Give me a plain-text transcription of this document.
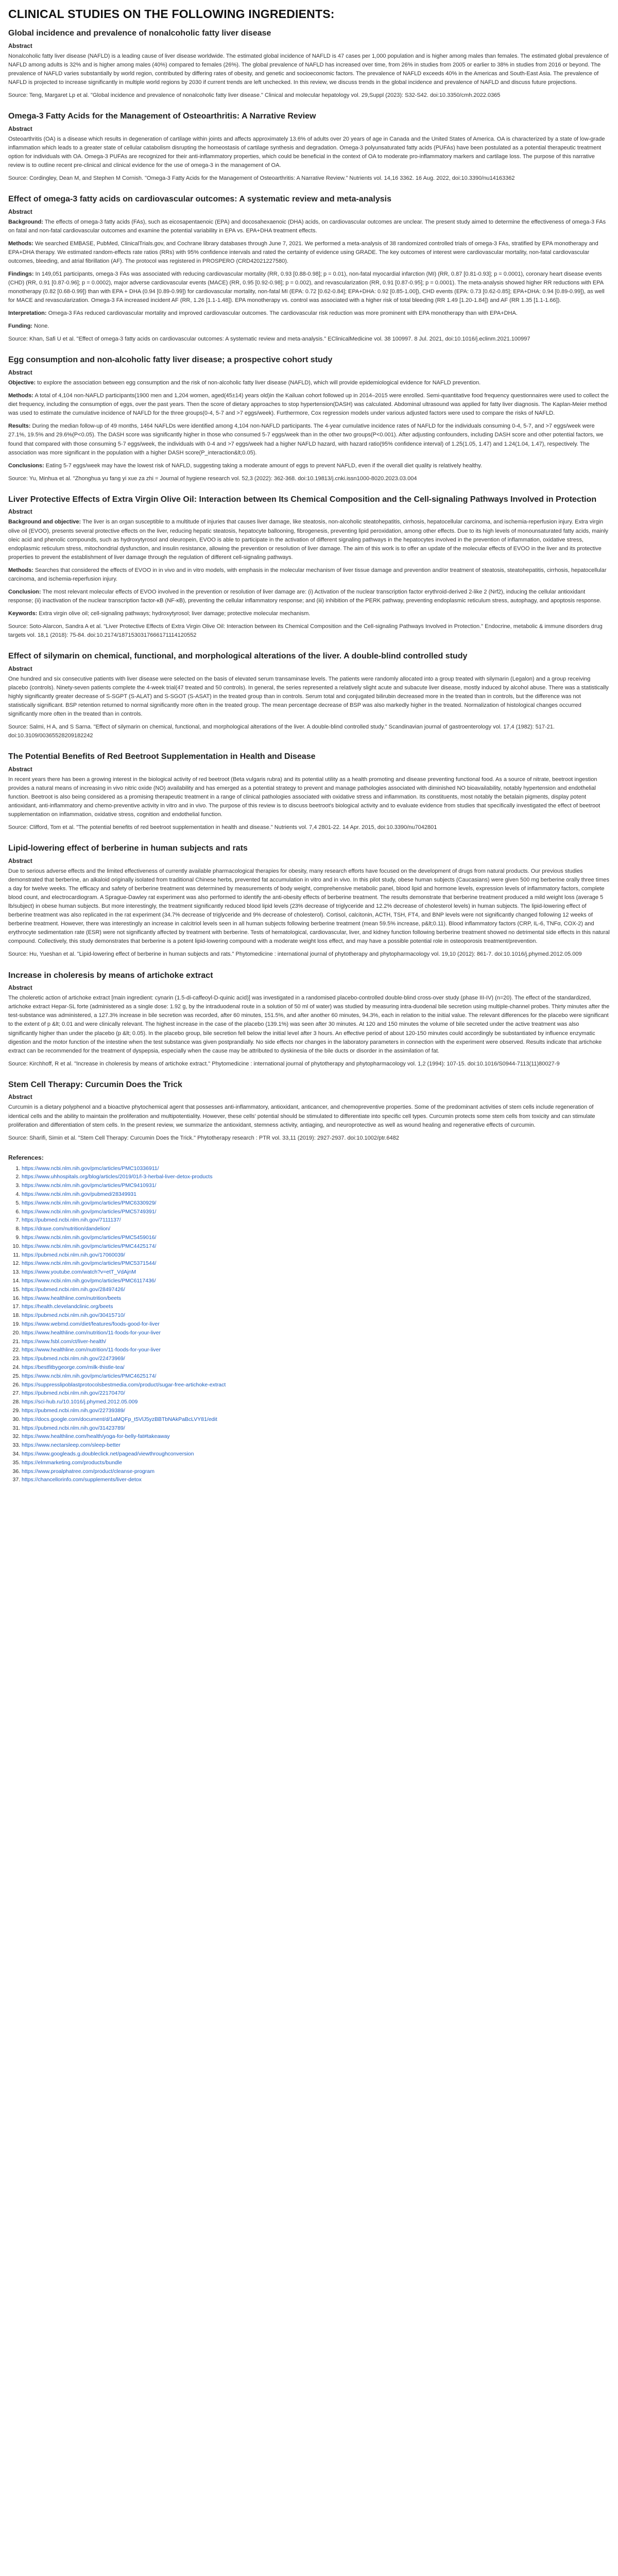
CLINICAL STUDIES ON THE FOLLOWING INGREDIENTS:
Global incidence and prevalence of nonalcoholic fatty liver disease
Abstract

Nonalcoholic fatty liver disease (NAFLD) is a leading cause of liver disease worldwide. The estimated global incidence of NAFLD is 47 cases per 1,000 population and is higher among males than females. The estimated global prevalence of NAFLD among adults is 32% and is higher among males (40%) compared to females (26%). The global prevalence of NAFLD has increased over time, from 26% in studies from 2005 or earlier to 38% in studies from 2016 or beyond. The prevalence of NAFLD varies substantially by world region, contributed by differing rates of obesity, and genetic and socioeconomic factors. The prevalence of NAFLD exceeds 40% in the Americas and South-East Asia. The prevalence of NAFLD is projected to increase significantly in multiple world regions by 2030 if current trends are left unchecked. In this review, we discuss trends in the global incidence and prevalence of NAFLD and discuss future projections.

Source: Teng, Margaret Lp et al. "Global incidence and prevalence of nonalcoholic fatty liver disease." Clinical and molecular hepatology vol. 29,Suppl (2023): S32-S42. doi:10.3350/cmh.2022.0365

Omega-3 Fatty Acids for the Management of Osteoarthritis: A Narrative Review
Abstract

Osteoarthritis (OA) is a disease which results in degeneration of cartilage within joints and affects approximately 13.6% of adults over 20 years of age in Canada and the United States of America. OA is characterized by a state of low-grade inflammation which leads to a greater state of cellular catabolism disrupting the homeostasis of cartilage synthesis and degradation. Omega-3 polyunsaturated fatty acids (PUFAs) have been postulated as a potential therapeutic treatment option for individuals with OA. Omega-3 PUFAs are recognized for their anti-inflammatory properties, which could be beneficial in the context of OA to moderate pro-inflammatory markers and cartilage loss. The purpose of this narrative review is to outline recent pre-clinical and clinical evidence for the use of omega-3 in the management of OA.

Source: Cordingley, Dean M, and Stephen M Cornish. "Omega-3 Fatty Acids for the Management of Osteoarthritis: A Narrative Review." Nutrients vol. 14,16 3362. 16 Aug. 2022, doi:10.3390/nu14163362

Effect of omega-3 fatty acids on cardiovascular outcomes: A systematic review and meta-analysis
Abstract

Background: The effects of omega-3 fatty acids (FAs), such as eicosapentaenoic (EPA) and docosahexaenoic (DHA) acids, on cardiovascular outcomes are unclear. The present study aimed to determine the effectiveness of omega-3 FAs on fatal and non-fatal cardiovascular outcomes and examine the potential variability in EPA vs. EPA+DHA treatment effects.

Methods: We searched EMBASE, PubMed, ClinicalTrials.gov, and Cochrane library databases through June 7, 2021. We performed a meta-analysis of 38 randomized controlled trials of omega-3 FAs, stratified by EPA monotherapy and EPA+DHA therapy. We estimated random-effects rate ratios (RRs) with 95% confidence intervals and rated the certainty of evidence using GRADE. The key outcomes of interest were cardiovascular mortality, non-fatal cardiovascular outcomes, bleeding, and atrial fibrillation (AF). The protocol was registered in PROSPERO (CRD42021227580).

Findings: In 149,051 participants, omega-3 FAs was associated with reducing cardiovascular mortality (RR, 0.93 [0.88-0.98]; p = 0.01), non-fatal myocardial infarction (MI) (RR, 0.87 [0.81-0.93]; p = 0.0001), coronary heart disease events (CHD) (RR, 0.91 [0.87-0.96]; p = 0.0002), major adverse cardiovascular events (MACE) (RR, 0.95 [0.92-0.98]; p = 0.002), and revascularization (RR, 0.91 [0.87-0.95]; p = 0.0001). The meta-analysis showed higher RR reductions with EPA monotherapy (0.82 [0.68-0.99]) than with EPA + DHA (0.94 [0.89-0.99]) for cardiovascular mortality, non-fatal MI (EPA: 0.72 [0.62-0.84]; EPA+DHA: 0.92 [0.85-1.00]), CHD events (EPA: 0.73 [0.62-0.85]; EPA+DHA: 0.94 [0.89-0.99]), as well for MACE and revascularization. Omega-3 FA increased incident AF (RR, 1.26 [1.1-1.48]). EPA monotherapy vs. control was associated with a higher risk of total bleeding (RR 1.49 [1.20-1.84]) and AF (RR 1.35 [1.1-1.66]).

Interpretation: Omega-3 FAs reduced cardiovascular mortality and improved cardiovascular outcomes. The cardiovascular risk reduction was more prominent with EPA monotherapy than with EPA+DHA.

Funding: None.

Source: Khan, Safi U et al. "Effect of omega-3 fatty acids on cardiovascular outcomes: A systematic review and meta-analysis." EClinicalMedicine vol. 38 100997. 8 Jul. 2021, doi:10.1016/j.eclinm.2021.100997

Egg consumption and non-alcoholic fatty liver disease; a prospective cohort study
Abstract

Objective: to explore the association between egg consumption and the risk of non-alcoholic fatty liver disease (NAFLD), which will provide epidemiological evidence for NAFLD prevention.

Methods: A total of 4,104 non-NAFLD participants(1900 men and 1,204 women, aged(45±14) years old)in the Kailuan cohort followed up in 2014–2015 were enrolled. Semi-quantitative food frequency questionnaires were used to collect the diet frequency, including the consumption of eggs, over the past years. Then the score of dietary approaches to stop hypertension(DASH) was calculated. Abdominal ultrasound was applied for fatty liver diagnosis. The Kaplan-Meier method was used to estimate the cumulative incidence of NAFLD for the three groups(0-4, 5-7 and >7 eggs/week). Furthermore, Cox regression models under various adjusted factors were used to compare the risks of NAFLD.

Results: During the median follow-up of 49 months, 1464 NAFLDs were identified among 4,104 non-NAFLD participants. The 4-year cumulative incidence rates of NAFLD for the individuals consuming 0-4, 5-7, and >7 eggs/week were 27.1%, 19.5% and 29.6%(P<0.05). The DASH score was significantly higher in those who consumed 5-7 eggs/week than in the other two groups(P<0.001). After adjusting confounders, including DASH score and other potential factors, we found that compared with those consuming 5-7 eggs/week, the individuals with 0-4 and >7 eggs/week had a higher NAFLD hazard, with hazard ratio(95% confidence interval) of 1.25(1.05, 1.47) and 1.24(1.04, 1.47), respectively. The association was more significant in the population with a higher DASH score(P_interaction&lt;0.05).

Conclusions: Eating 5-7 eggs/week may have the lowest risk of NAFLD, suggesting taking a moderate amount of eggs to prevent NAFLD, even if the overall diet quality is relatively healthy.

Source: Yu, Minhua et al. "Zhonghua yu fang yi xue za zhi = Journal of hygiene research vol. 52,3 (2022): 362-368. doi:10.19813/j.cnki.issn1000-8020.2023.03.004

Liver Protective Effects of Extra Virgin Olive Oil: Interaction between Its Chemical Composition and the Cell-signaling Pathways Involved in Protection
Abstract

Background and objective: The liver is an organ susceptible to a multitude of injuries that causes liver damage, like steatosis, non-alcoholic steatohepatitis, cirrhosis, hepatocellular carcinoma, and ischemia-reperfusion injury. Extra virgin olive oil (EVOO), presents several protective effects on the liver, reducing hepatic steatosis, hepatocyte ballooning, fibrogenesis, preventing lipid peroxidation, among other effects. Due to its high levels of monounsaturated fatty acids, mainly oleic acid and phenolic compounds, such as hydroxytyrosol and oleuropein, EVOO is able to participate in the activation of different signaling pathways in the hepatocytes involved in the prevention of inflammation, oxidative stress, endoplasmic reticulum stress, mitochondrial dysfunction, and insulin resistance, allowing the prevention or resolution of liver damage. The aim of this work is to offer an update of the molecular effects of EVOO in the liver and its protective properties to prevent the establishment of liver damage through the regulation of different cell-signaling pathways.

Methods: Searches that considered the effects of EVOO in in vivo and in vitro models, with emphasis in the molecular mechanism of liver tissue damage and prevention and/or treatment of steatosis, steatohepatitis, cirrhosis, hepatocellular carcinoma, and ischemia-reperfusion injury.

Conclusion: The most relevant molecular effects of EVOO involved in the prevention or resolution of liver damage are: (i) Activation of the nuclear transcription factor erythroid-derived 2-like 2 (Nrf2), inducing the cellular antioxidant response; (ii) inactivation of the nuclear transcription factor-κB (NF-κB), preventing the cellular inflammatory response; and (iii) inhibition of the PERK pathway, preventing endoplasmic reticulum stress, autophagy, and apoptosis response.

Keywords: Extra virgin olive oil; cell-signaling pathways; hydroxytyrosol; liver damage; protective molecular mechanism.

Source: Soto-Alarcon, Sandra A et al. "Liver Protective Effects of Extra Virgin Olive Oil: Interaction between its Chemical Composition and the Cell-signaling Pathways Involved in Protection." Endocrine, metabolic & immune disorders drug targets vol. 18,1 (2018): 75-84. doi:10.2174/1871530317666171114120552

Effect of silymarin on chemical, functional, and morphological alterations of the liver. A double-blind controlled study
Abstract

One hundred and six consecutive patients with liver disease were selected on the basis of elevated serum transaminase levels. The patients were randomly allocated into a group treated with silymarin (Legalon) and a group receiving placebo (controls). Ninety-seven patients complete the 4-week trial(47 treated and 50 controls). In general, the series represented a relatively slight acute and subacute liver disease, mostly induced by alcohol abuse. There was a statistically highly significantly greater decrease of S-SGPT (S-ALAT) and S-SGOT (S-ASAT) in the treated group than in controls. Serum total and conjugated bilirubin decreased more in the treated than in controls, but the difference was not statistically significant. BSP retention returned to normal significantly more often in the treated group. The mean percentage decrease of BSP was also markedly higher in the treated. Normalization of histological changes occurred significantly more often in the treated than in controls.

Source: Salmi, H A, and S Sarna. "Effect of silymarin on chemical, functional, and morphological alterations of the liver. A double-blind controlled study." Scandinavian journal of gastroenterology vol. 17,4 (1982): 517-21. doi:10.3109/00365528209182242

The Potential Benefits of Red Beetroot Supplementation in Health and Disease
Abstract

In recent years there has been a growing interest in the biological activity of red beetroot (Beta vulgaris rubra) and its potential utility as a health promoting and disease preventing functional food. As a source of nitrate, beetroot ingestion provides a natural means of increasing in vivo nitric oxide (NO) availability and has emerged as a potential strategy to prevent and manage pathologies associated with diminished NO bioavailability, notably hypertension and endothelial function. Beetroot is also being considered as a promising therapeutic treatment in a range of clinical pathologies associated with oxidative stress and inflammation. Its constituents, most notably the betalain pigments, display potent antioxidant, anti-inflammatory and chemo-preventive activity in vitro and in vivo. The purpose of this review is to discuss beetroot's biological activity and to evaluate evidence from studies that specifically investigated the effect of beetroot supplementation on inflammation, oxidative stress, cognition and endothelial function.

Source: Clifford, Tom et al. "The potential benefits of red beetroot supplementation in health and disease." Nutrients vol. 7,4 2801-22. 14 Apr. 2015, doi:10.3390/nu7042801

Lipid-lowering effect of berberine in human subjects and rats
Abstract

Due to serious adverse effects and the limited effectiveness of currently available pharmacological therapies for obesity, many research efforts have focused on the development of drugs from natural products. Our previous studies demonstrated that berberine, an alkaloid originally isolated from traditional Chinese herbs, prevented fat accumulation in vitro and in vivo. In this pilot study, obese human subjects (Caucasians) were given 500 mg berberine orally three times a day for twelve weeks. The efficacy and safety of berberine treatment was determined by measurements of body weight, comprehensive metabolic panel, blood lipid and hormone levels, expression levels of inflammatory factors, complete blood count, and electrocardiogram. A Sprague-Dawley rat experiment was also performed to identify the anti-obesity effects of berberine treatment. The results demonstrate that berberine treatment produced a mild weight loss (average 5 lb/subject) in obese human subjects. But more interestingly, the treatment significantly reduced blood lipid levels (23% decrease of triglyceride and 12.2% decrease of cholesterol levels) in human subjects. The lipid-lowering effect of berberine treatment was also replicated in the rat experiment (34.7% decrease of triglyceride and 9% decrease of cholesterol). Cortisol, calcitonin, ACTH, TSH, FT4, and BNP levels were not significantly changed following 12 weeks of berberine treatment. However, there was interestingly an increase in calcitriol levels seen in all human subjects following berberine treatment (mean 59.5% increase, p&lt;0.11). Blood inflammatory factors (CRP, IL-6, TNFα, COX-2) and erythrocyte sedimentation rate (ESR) were not significantly affected by treatment with berberine. Tests of hematological, cardiovascular, liver, and kidney function following berberine treatment showed no detrimental side effects in this natural compound. Collectively, this study demonstrates that berberine is a potent lipid-lowering compound with a moderate weight loss effect, and may have a possible potential role in osteoporosis treatment/prevention.

Source: Hu, Yueshan et al. "Lipid-lowering effect of berberine in human subjects and rats." Phytomedicine : international journal of phytotherapy and phytopharmacology vol. 19,10 (2012): 861-7. doi:10.1016/j.phymed.2012.05.009

Increase in choleresis by means of artichoke extract
Abstract

The choleretic action of artichoke extract [main ingredient: cynarin (1.5-di-caffeoyl-D-quinic acid)] was investigated in a randomised placebo-controlled double-blind cross-over study (phase III-IV) (n=20). The effect of the standardized, artichoke extract Hepar-SL forte (administered as a single dose: 1.92 g, by the intraduodenal route in a solution of 50 ml of water) was studied by measuring intra-duodenal bile secretion using multiple-channel probes. Thirty minutes after the test-substance was administered, a 127.3% increase in bile secretion was recorded, after 60 minutes, 151.5%, and after another 60 minutes, 94.3%, each in relation to the initial value. The relevant differences for the placebo were significant to the extent of p &lt; 0.01 and were clinically relevant. The highest increase in the case of the placebo (139.1%) was seen after 30 minutes. At 120 and 150 minutes the volume of bile secreted under the active treatment was also significantly higher than under the placebo (p &lt; 0.05). In the placebo group, bile secretion fell below the initial level after 3 hours. An effective period of about 120-150 minutes could accordingly be substantiated by influence enzymatic digestion and the motor function of the intestine when the test substance was given postprandially. No side effects nor changes in the laboratory parameters in connection with the experiment were observed. Results indicate that artichoke extract can be recommended for the treatment of dyspepsia, especially when the cause may be attributed to dyskinesia of the bile ducts or disorder in the assimilation of fat.

Source: Kirchhoff, R et al. "Increase in choleresis by means of artichoke extract." Phytomedicine : international journal of phytotherapy and phytopharmacology vol. 1,2 (1994): 107-15. doi:10.1016/S0944-7113(11)80027-9

Stem Cell Therapy: Curcumin Does the Trick
Abstract

Curcumin is a dietary polyphenol and a bioactive phytochemical agent that possesses anti-inflammatory, antioxidant, anticancer, and chemopreventive properties. Some of the predominant activities of stem cells include regeneration of identical cells and the ability to maintain the proliferation and multipotentiality. However, these cells' potential should be stimulated to differentiate into specific cell types. Curcumin protects some stem cells from toxicity and can stimulate proliferation and differentiation of stem cells. In the present review, we summarize the antioxidant, stemness activity, antiaging, and neuroprotective as well as wound healing and regenerative effects of curcumin.

Source: Sharifi, Simin et al. "Stem Cell Therapy: Curcumin Does the Trick." Phytotherapy research : PTR vol. 33,11 (2019): 2927-2937. doi:10.1002/ptr.6482

References:
1. https://www.ncbi.nlm.nih.gov/pmc/articles/PMC10336911/
2. https://www.uhhospitals.org/blog/articles/2019/01/l-3-herbal-liver-detox-products
3. https://www.ncbi.nlm.nih.gov/pmc/articles/PMC9410931/
4. https://www.ncbi.nlm.nih.gov/pubmed/28349931
5. https://www.ncbi.nlm.nih.gov/pmc/articles/PMC6330929/
6. https://www.ncbi.nlm.nih.gov/pmc/articles/PMC5749391/
7. https://pubmed.ncbi.nlm.nih.gov/7111137/
8. https://draxe.com/nutrition/dandelion/
9. https://www.ncbi.nlm.nih.gov/pmc/articles/PMC5459016/
10. https://www.ncbi.nlm.nih.gov/pmc/articles/PMC4425174/
11. https://pubmed.ncbi.nlm.nih.gov/17060039/
12. https://www.ncbi.nlm.nih.gov/pmc/articles/PMC5371544/
13. https://www.youtube.com/watch?v=etT_VdAjnM
14. https://www.ncbi.nlm.nih.gov/pmc/articles/PMC6117436/
15. https://pubmed.ncbi.nlm.nih.gov/28497426/
16. https://www.healthline.com/nutrition/beets
17. https://health.clevelandclinic.org/beets
18. https://pubmed.ncbi.nlm.nih.gov/30415710/
19. https://www.webmd.com/diet/features/foods-good-for-liver
20. https://www.healthline.com/nutrition/11-foods-for-your-liver
21. https://www.fsbl.com/ct/liver-health/
22. https://www.healthline.com/nutrition/11-foods-for-your-liver
23. https://pubmed.ncbi.nlm.nih.gov/22473969/
24. https://bestfitbygeorge.com/milk-thistle-tea/
25. https://www.ncbi.nlm.nih.gov/pmc/articles/PMC4625174/
26. https://suppresslipoblastprotocolsbestmedia.com/product/sugar-free-artichoke-extract
27. https://pubmed.ncbi.nlm.nih.gov/22170470/
28. https://sci-hub.ru/10.1016/j.phymed.2012.05.009
29. https://pubmed.ncbi.nlm.nih.gov/22739389/
30. https://docs.google.com/document/d/1aMQFp_t5VlJ5yzBBTbNAkPaBcLVY81/edit
31. https://pubmed.ncbi.nlm.nih.gov/31423789/
32. https://www.healthline.com/health/yoga-for-belly-fat#takeaway
33. https://www.nectarsleep.com/sleep-better
34. https://www.googleads.g.doubleclick.net/pagead/viewthroughconversion
35. https://elmmarketing.com/products/bundle
36. https://www.proalphatree.com/product/cleanse-program
37. https://chancellorinfo.com/supplements/liver-detox
